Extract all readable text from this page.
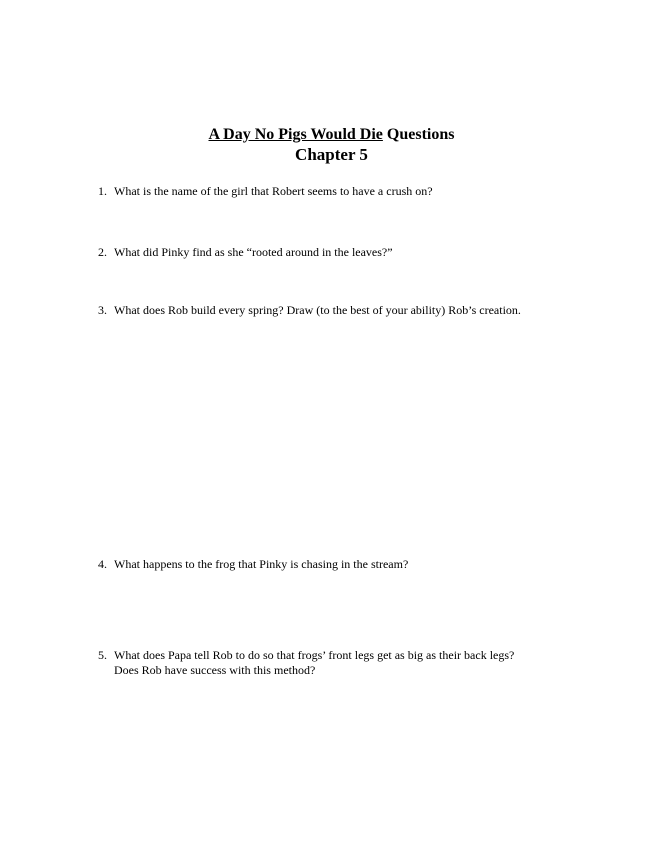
A Day No Pigs Would Die Questions
Chapter 5
1. What is the name of the girl that Robert seems to have a crush on?
2. What did Pinky find as she “rooted around in the leaves?”
3. What does Rob build every spring? Draw (to the best of your ability) Rob’s creation.
4. What happens to the frog that Pinky is chasing in the stream?
5. What does Papa tell Rob to do so that frogs’ front legs get as big as their back legs?
Does Rob have success with this method?
